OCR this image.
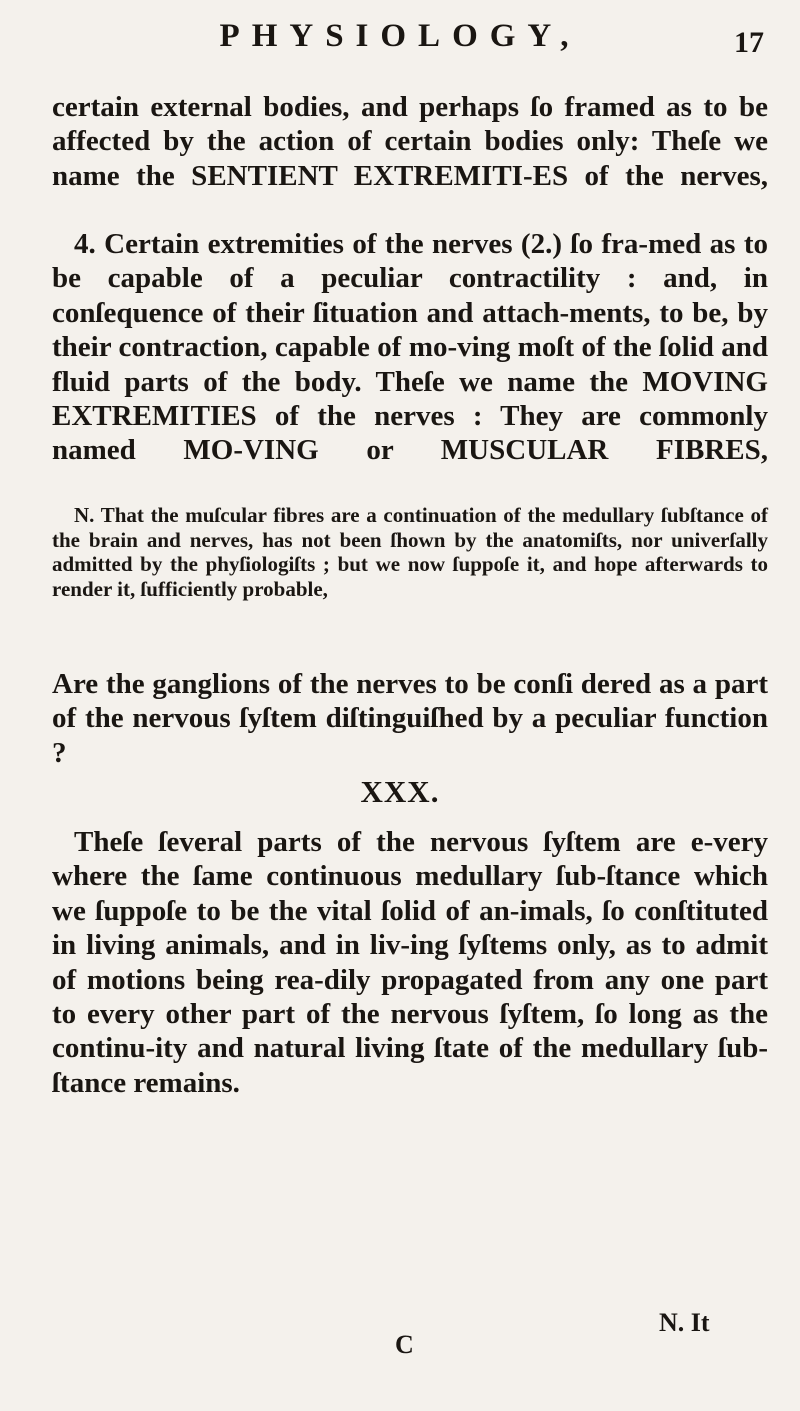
PHYSIOLOGY,	17

certain external bodies, and perhaps ſo framed as to be affected by the action of certain bodies only: Theſe we name the SENTIENT EXTREMITI-ES of the nerves,

4. Certain extremities of the nerves (2.) ſo fra-med as to be capable of a peculiar contractility : and, in conſequence of their ſituation and attach-ments, to be, by their contraction, capable of mo-ving moſt of the ſolid and fluid parts of the body. Theſe we name the MOVING EXTREMITIES of the nerves : They are commonly named MO-VING or MUSCULAR FIBRES,

N. That the muſcular fibres are a continuation of the medullary ſubſtance of the brain and nerves, has not been ſhown by the anatomiſts, nor univerſally admitted by the phyſiologiſts ; but we now ſuppoſe it, and hope afterwards to render it, ſufficiently probable,

Are the ganglions of the nerves to be conſi dered as a part of the nervous ſyſtem diſtinguiſhed by a peculiar function ?

XXX.

Theſe ſeveral parts of the nervous ſyſtem are e-very where the ſame continuous medullary ſub-ſtance which we ſuppoſe to be the vital ſolid of an-imals, ſo conſtituted in living animals, and in liv-ing ſyſtems only, as to admit of motions being rea-dily propagated from any one part to every other part of the nervous ſyſtem, ſo long as the continu-ity and natural living ſtate of the medullary ſub-ſtance remains.

N. It
C
